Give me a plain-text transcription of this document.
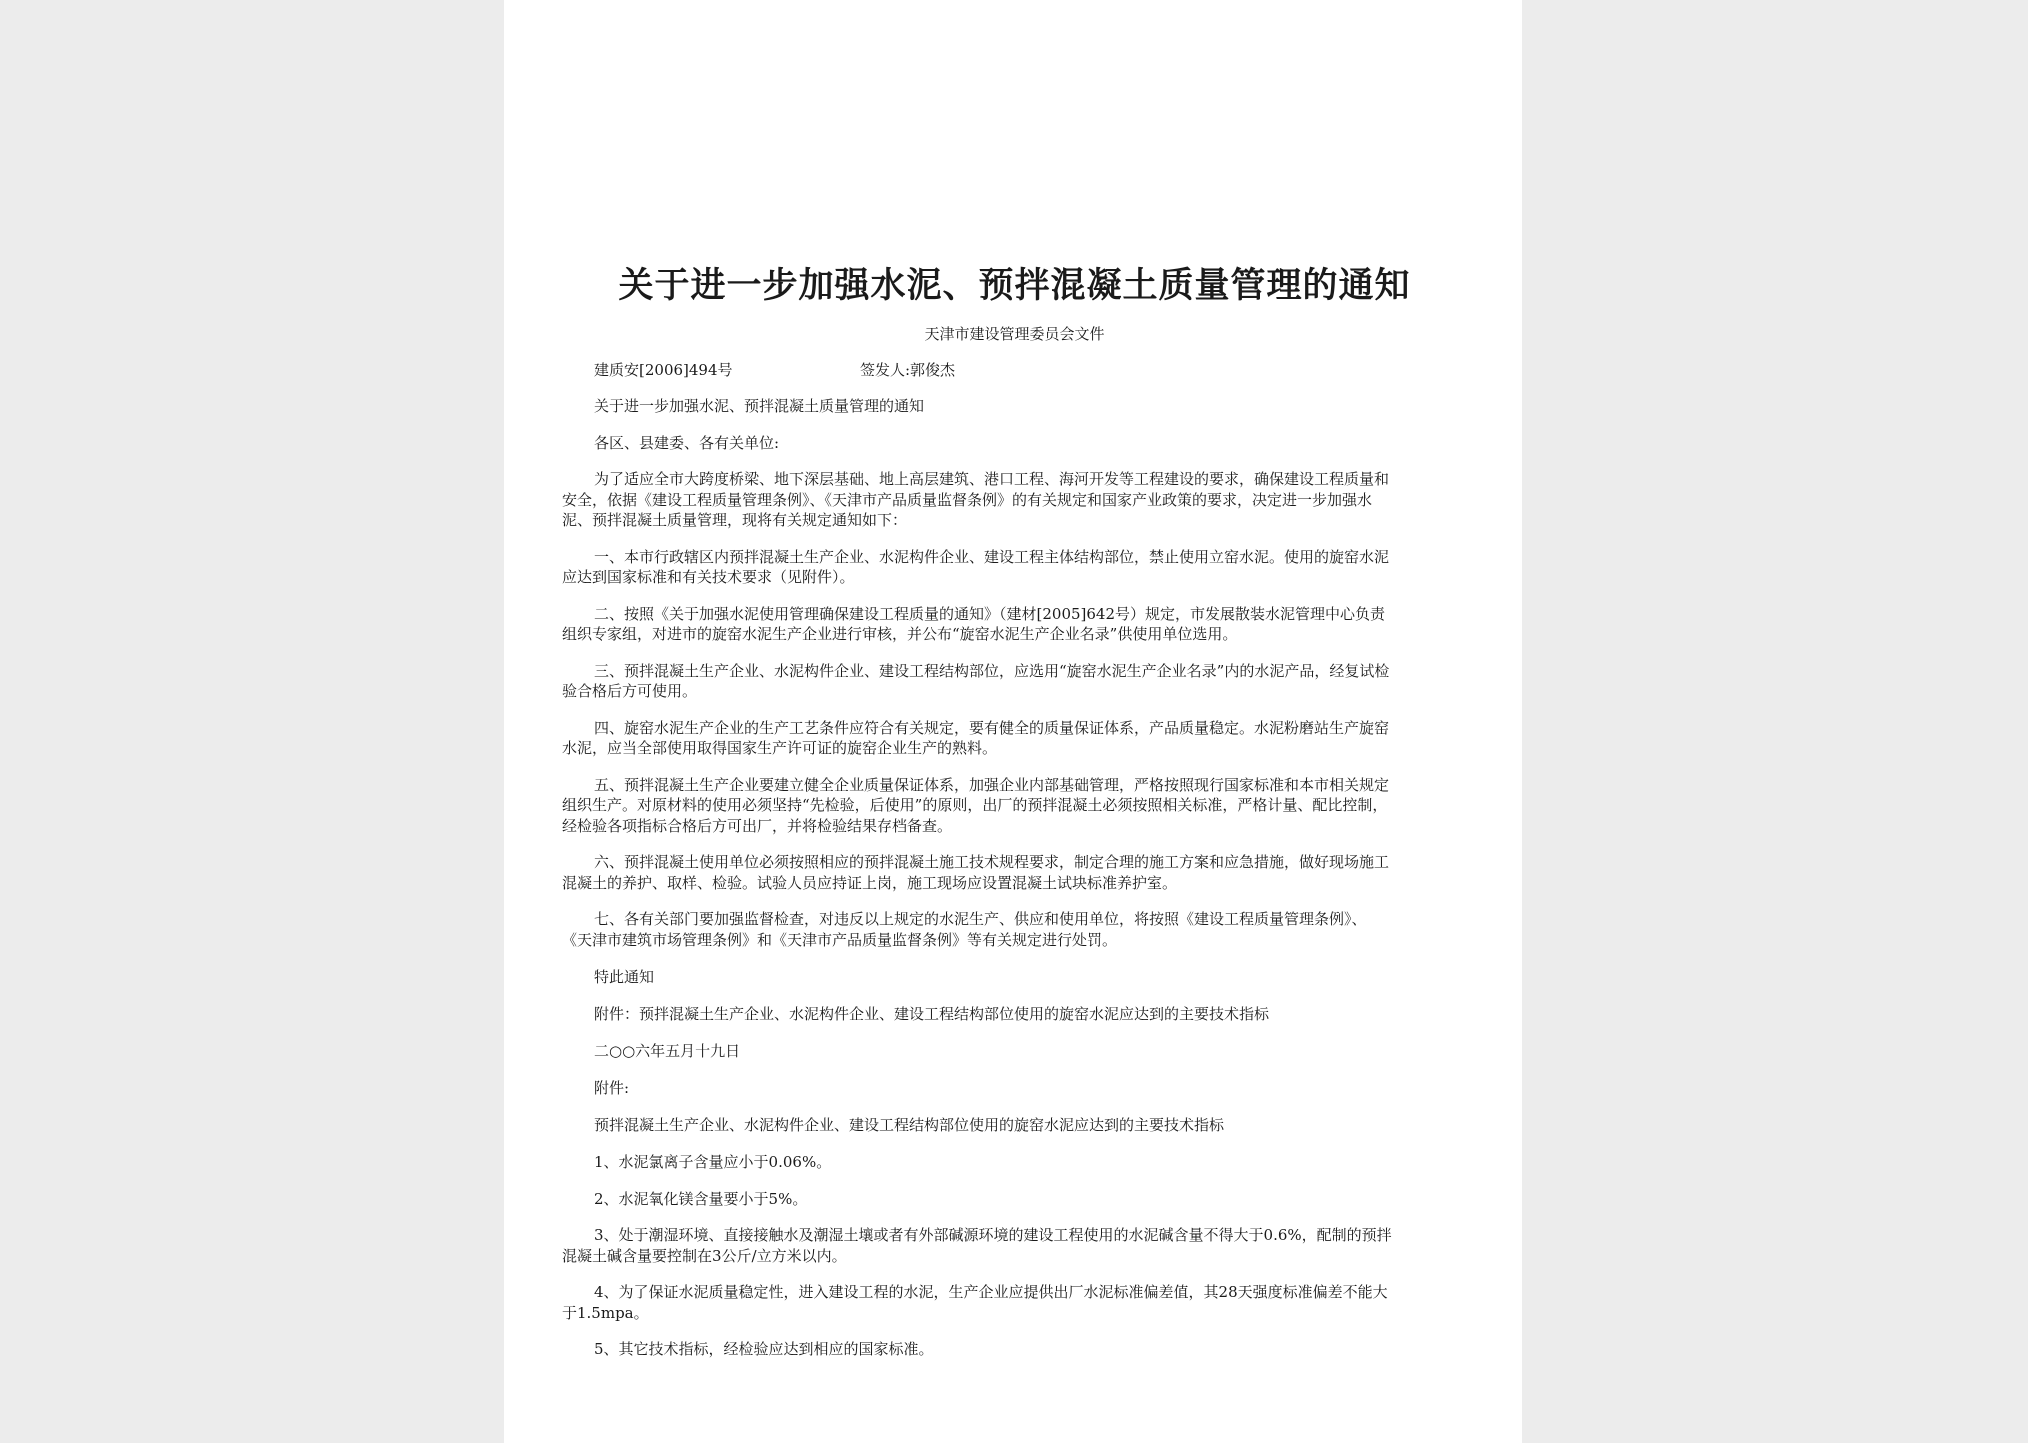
关于进一步加强水泥、预拌混凝土质量管理的通知
天津市建设管理委员会文件
建质安[2006]494号	签发人:郭俊杰

关于进一步加强水泥、预拌混凝土质量管理的通知

各区、县建委、各有关单位:

为了适应全市大跨度桥梁、地下深层基础、地上高层建筑、港口工程、海河开发等工程建设的要求，确保建设工程质量和
安全，依据《建设工程质量管理条例》、《天津市产品质量监督条例》的有关规定和国家产业政策的要求，决定进一步加强水
泥、预拌混凝土质量管理，现将有关规定通知如下：
一、本市行政辖区内预拌混凝土生产企业、水泥构件企业、建设工程主体结构部位，禁止使用立窑水泥。使用的旋窑水泥
应达到国家标准和有关技术要求（见附件）。
二、按照《关于加强水泥使用管理确保建设工程质量的通知》（建材[2005]642号）规定，市发展散装水泥管理中心负责
组织专家组，对进市的旋窑水泥生产企业进行审核，并公布“旋窑水泥生产企业名录”供使用单位选用。
三、预拌混凝土生产企业、水泥构件企业、建设工程结构部位，应选用“旋窑水泥生产企业名录”内的水泥产品，经复试检
验合格后方可使用。
四、旋窑水泥生产企业的生产工艺条件应符合有关规定，要有健全的质量保证体系，产品质量稳定。水泥粉磨站生产旋窑
水泥，应当全部使用取得国家生产许可证的旋窑企业生产的熟料。
五、预拌混凝土生产企业要建立健全企业质量保证体系，加强企业内部基础管理，严格按照现行国家标准和本市相关规定
组织生产。对原材料的使用必须坚持“先检验，后使用”的原则，出厂的预拌混凝土必须按照相关标准，严格计量、配比控制，
经检验各项指标合格后方可出厂，并将检验结果存档备查。
六、预拌混凝土使用单位必须按照相应的预拌混凝土施工技术规程要求，制定合理的施工方案和应急措施，做好现场施工
混凝土的养护、取样、检验。试验人员应持证上岗，施工现场应设置混凝土试块标准养护室。
七、各有关部门要加强监督检查，对违反以上规定的水泥生产、供应和使用单位，将按照《建设工程质量管理条例》、
《天津市建筑市场管理条例》和《天津市产品质量监督条例》等有关规定进行处罚。

特此通知

附件：预拌混凝土生产企业、水泥构件企业、建设工程结构部位使用的旋窑水泥应达到的主要技术指标

二○○六年五月十九日

附件:

预拌混凝土生产企业、水泥构件企业、建设工程结构部位使用的旋窑水泥应达到的主要技术指标

1、水泥氯离子含量应小于0.06%。

2、水泥氧化镁含量要小于5%。

3、处于潮湿环境、直接接触水及潮湿土壤或者有外部碱源环境的建设工程使用的水泥碱含量不得大于0.6%，配制的预拌
混凝土碱含量要控制在3公斤/立方米以内。
4、为了保证水泥质量稳定性，进入建设工程的水泥，生产企业应提供出厂水泥标准偏差值，其28天强度标准偏差不能大
于1.5mpa。

5、其它技术指标，经检验应达到相应的国家标准。
